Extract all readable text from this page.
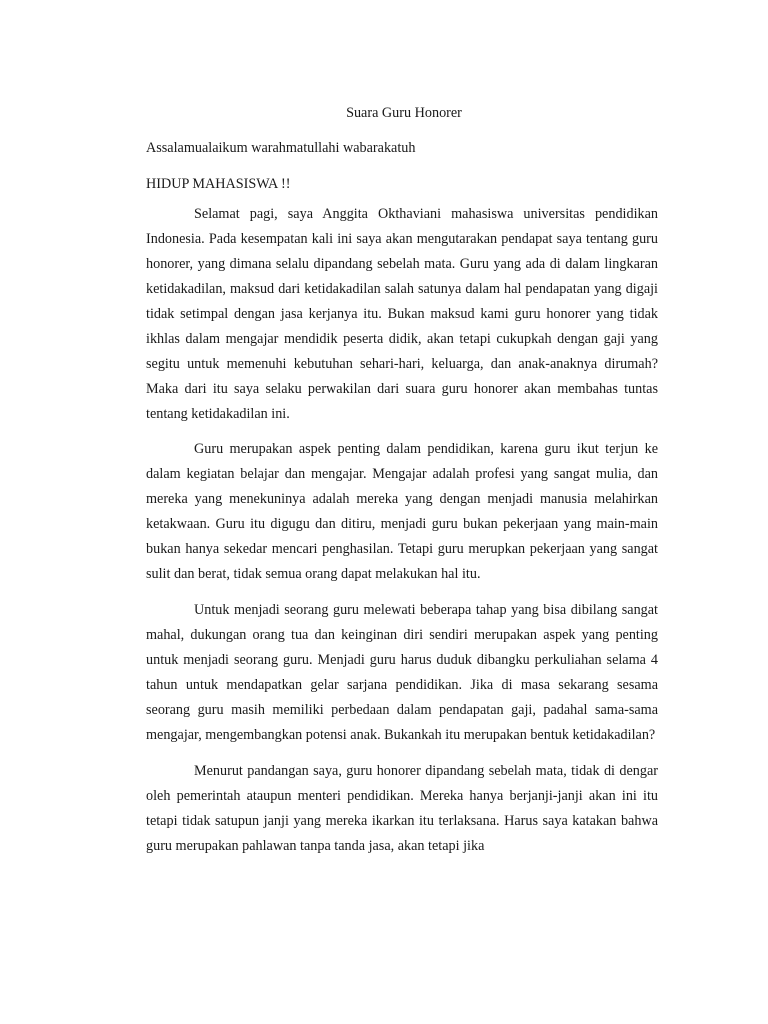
Suara Guru Honorer

Assalamualaikum warahmatullahi wabarakatuh

HIDUP MAHASISWA !!

Selamat pagi, saya Anggita Okthaviani mahasiswa universitas pendidikan Indonesia. Pada kesempatan kali ini saya akan mengutarakan pendapat saya tentang guru honorer, yang dimana selalu dipandang sebelah mata. Guru yang ada di dalam lingkaran ketidakadilan, maksud dari ketidakadilan salah satunya dalam hal pendapatan yang digaji tidak setimpal dengan jasa kerjanya itu. Bukan maksud kami guru honorer yang tidak ikhlas dalam mengajar mendidik peserta didik, akan tetapi cukupkah dengan gaji yang segitu untuk memenuhi kebutuhan sehari-hari, keluarga, dan anak-anaknya dirumah? Maka dari itu saya selaku perwakilan dari suara guru honorer akan membahas tuntas tentang ketidakadilan ini.

Guru merupakan aspek penting dalam pendidikan, karena guru ikut terjun ke dalam kegiatan belajar dan mengajar. Mengajar adalah profesi yang sangat mulia, dan mereka yang menekuninya adalah mereka yang dengan menjadi manusia melahirkan ketakwaan. Guru itu digugu dan ditiru, menjadi guru bukan pekerjaan yang main-main bukan hanya sekedar mencari penghasilan. Tetapi guru merupkan pekerjaan yang sangat sulit dan berat, tidak semua orang dapat melakukan hal itu.

Untuk menjadi seorang guru melewati beberapa tahap yang bisa dibilang sangat mahal, dukungan orang tua dan keinginan diri sendiri merupakan aspek yang penting untuk menjadi seorang guru. Menjadi guru harus duduk dibangku perkuliahan selama 4 tahun untuk mendapatkan gelar sarjana pendidikan. Jika di masa sekarang sesama seorang guru masih memiliki perbedaan dalam pendapatan gaji, padahal sama-sama mengajar, mengembangkan potensi anak. Bukankah itu merupakan bentuk ketidakadilan?

Menurut pandangan saya, guru honorer dipandang sebelah mata, tidak di dengar oleh pemerintah ataupun menteri pendidikan. Mereka hanya berjanji-janji akan ini itu tetapi tidak satupun janji yang mereka ikarkan itu terlaksana. Harus saya katakan bahwa guru merupakan pahlawan tanpa tanda jasa, akan tetapi jika
